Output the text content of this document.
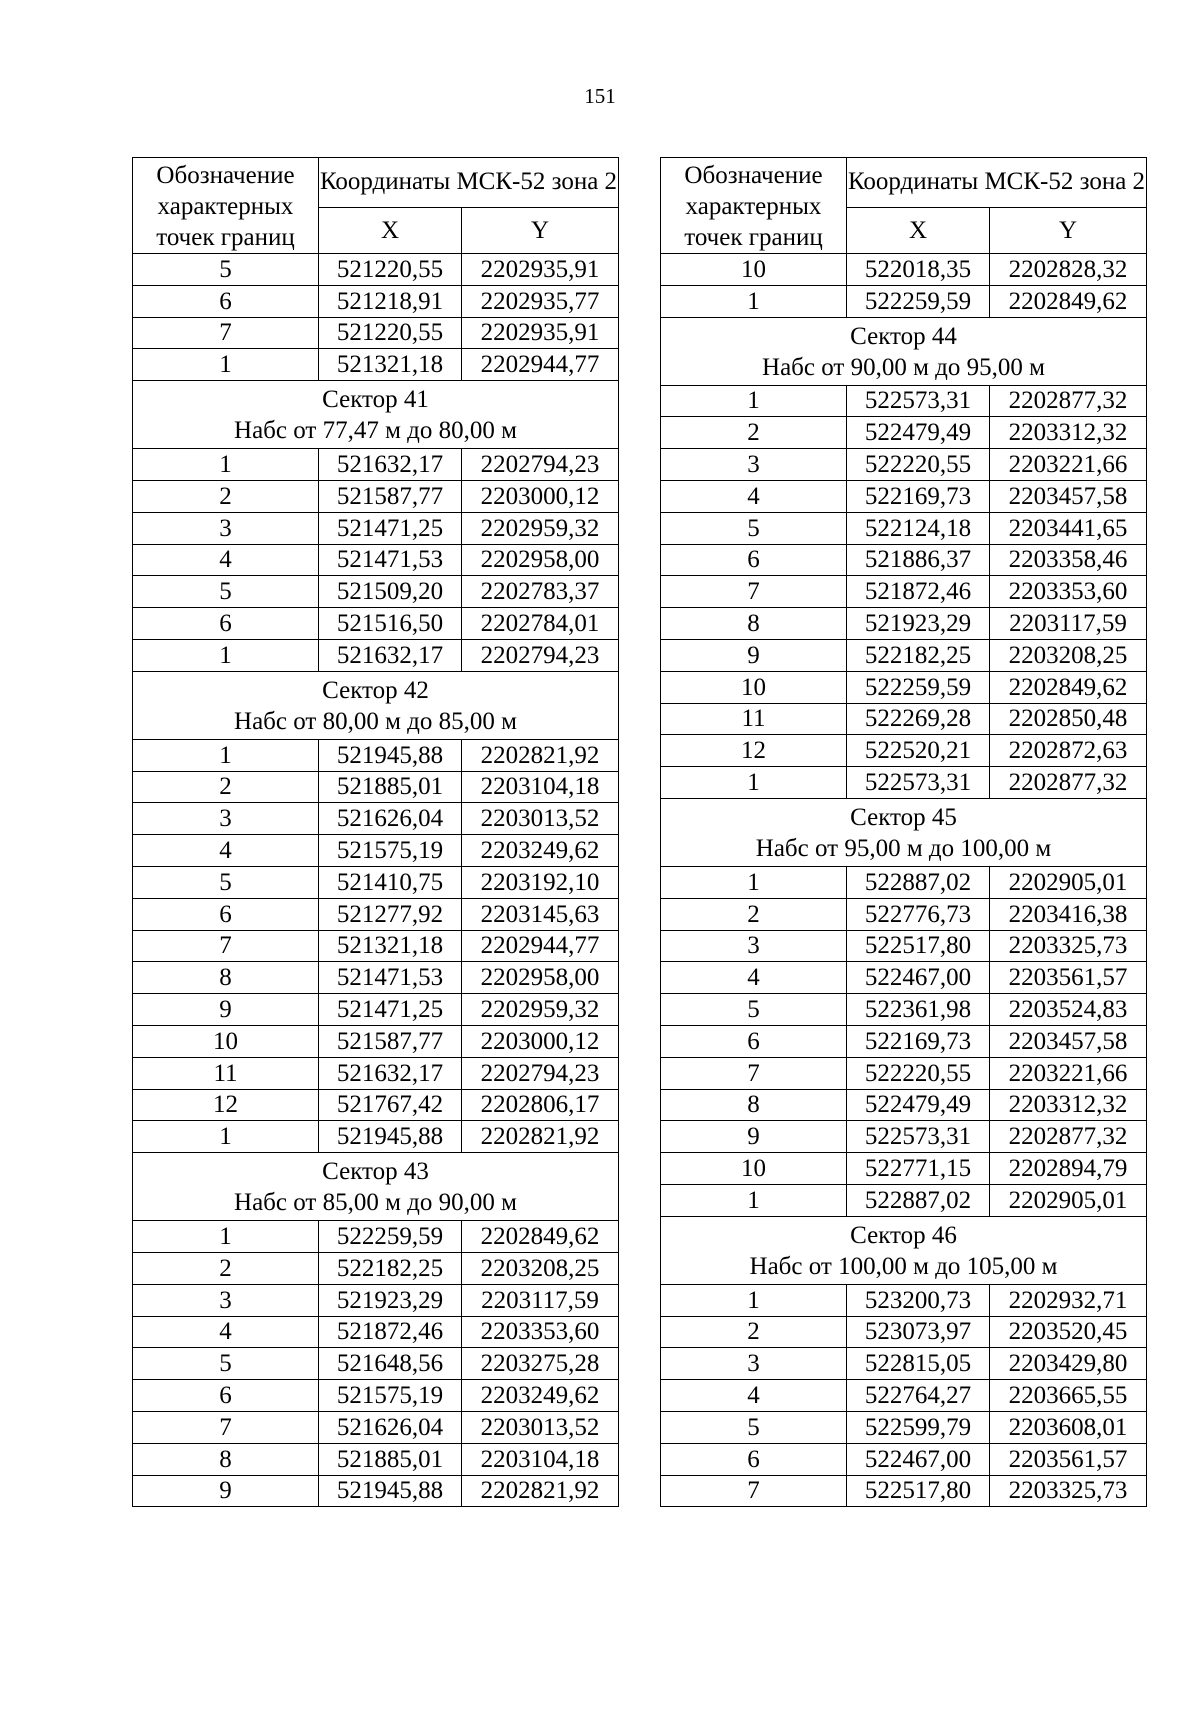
151
Обозначение характерных точек границ	Координаты МСК-52 зона 2	
	X	Y
5	521220,55	2202935,91
6	521218,91	2202935,77
7	521220,55	2202935,91
1	521321,18	2202944,77

Сектор 41
Набс от 77,47 м до 80,00 м		

1	521632,17	2202794,23
2	521587,77	2203000,12
3	521471,25	2202959,32
4	521471,53	2202958,00
5	521509,20	2202783,37
6	521516,50	2202784,01
1	521632,17	2202794,23

Сектор 42
Набс от 80,00 м до 85,00 м		

1	521945,88	2202821,92
2	521885,01	2203104,18
3	521626,04	2203013,52
4	521575,19	2203249,62
5	521410,75	2203192,10
6	521277,92	2203145,63
7	521321,18	2202944,77
8	521471,53	2202958,00
9	521471,25	2202959,32
10	521587,77	2203000,12
11	521632,17	2202794,23
12	521767,42	2202806,17
1	521945,88	2202821,92

Сектор 43
Набс от 85,00 м до 90,00 м		

1	522259,59	2202849,62
2	522182,25	2203208,25
3	521923,29	2203117,59
4	521872,46	2203353,60
5	521648,56	2203275,28
6	521575,19	2203249,62
7	521626,04	2203013,52
8	521885,01	2203104,18
9	521945,88	2202821,92
Обозначение характерных точек границ	Координаты МСК-52 зона 2	
	X	Y
10	522018,35	2202828,32
1	522259,59	2202849,62

Сектор 44
Набс от 90,00 м до 95,00 м		

1	522573,31	2202877,32
2	522479,49	2203312,32
3	522220,55	2203221,66
4	522169,73	2203457,58
5	522124,18	2203441,65
6	521886,37	2203358,46
7	521872,46	2203353,60
8	521923,29	2203117,59
9	522182,25	2203208,25
10	522259,59	2202849,62
11	522269,28	2202850,48
12	522520,21	2202872,63
1	522573,31	2202877,32

Сектор 45
Набс от 95,00 м до 100,00 м		

1	522887,02	2202905,01
2	522776,73	2203416,38
3	522517,80	2203325,73
4	522467,00	2203561,57
5	522361,98	2203524,83
6	522169,73	2203457,58
7	522220,55	2203221,66
8	522479,49	2203312,32
9	522573,31	2202877,32
10	522771,15	2202894,79
1	522887,02	2202905,01

Сектор 46
Набс от 100,00 м до 105,00 м		

1	523200,73	2202932,71
2	523073,97	2203520,45
3	522815,05	2203429,80
4	522764,27	2203665,55
5	522599,79	2203608,01
6	522467,00	2203561,57
7	522517,80	2203325,73
